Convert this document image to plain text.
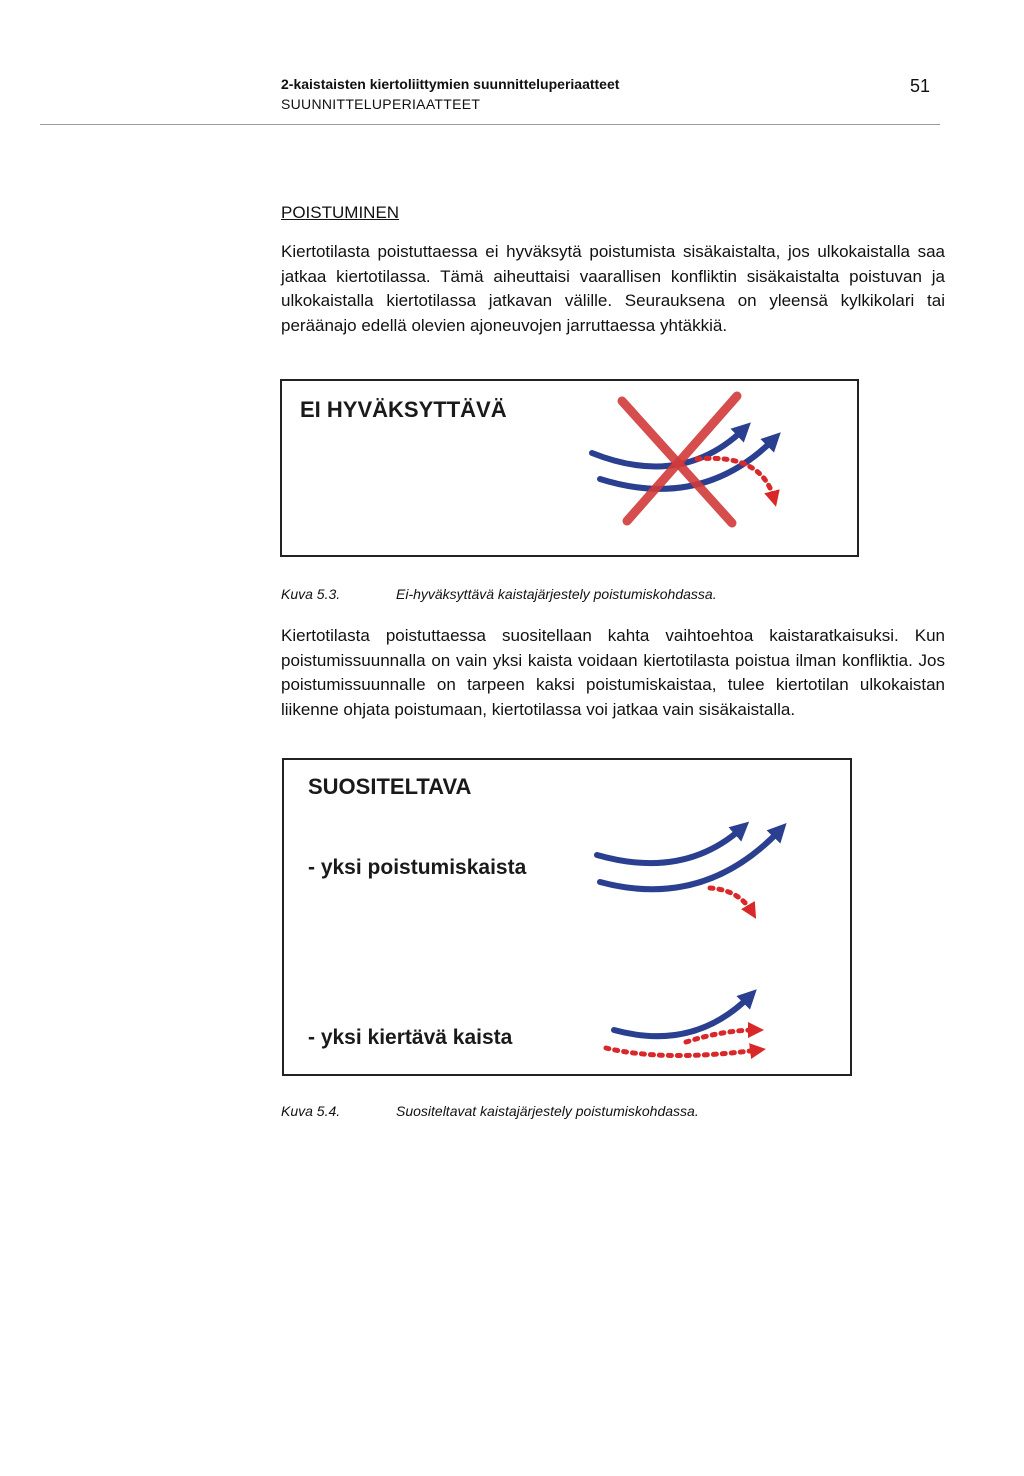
2-kaistaisten kiertoliittymien suunnitteluperiaatteet
SUUNNITTELUPERIAATTEET
51
POISTUMINEN

Kiertotilasta poistuttaessa ei hyväksytä poistumista sisäkaistalta, jos ulkokaistalla saa jatkaa kiertotilassa. Tämä aiheuttaisi vaarallisen konfliktin sisäkaistalta poistuvan ja ulkokaistalla kiertotilassa jatkavan välille. Seurauksena on yleensä kylkikolari tai peräänajo edellä olevien ajoneuvojen jarruttaessa yhtäkkiä.

EI HYVÄKSYTTÄVÄ
Kuva 5.3.	Ei-hyväksyttävä kaistajärjestely poistumiskohdassa.

Kiertotilasta poistuttaessa suositellaan kahta vaihtoehtoa kaistaratkaisuksi. Kun poistumissuunnalla on vain yksi kaista voidaan kiertotilasta poistua ilman konfliktia. Jos poistumissuunnalle on tarpeen kaksi poistumiskaistaa, tulee kiertotilan ulkokaistan liikenne ohjata poistumaan, kiertotilassa voi jatkaa vain sisäkaistalla.

SUOSITELTAVA
- yksi poistumiskaista
- yksi kiertävä kaista
Kuva 5.4.	Suositeltavat kaistajärjestely poistumiskohdassa.
